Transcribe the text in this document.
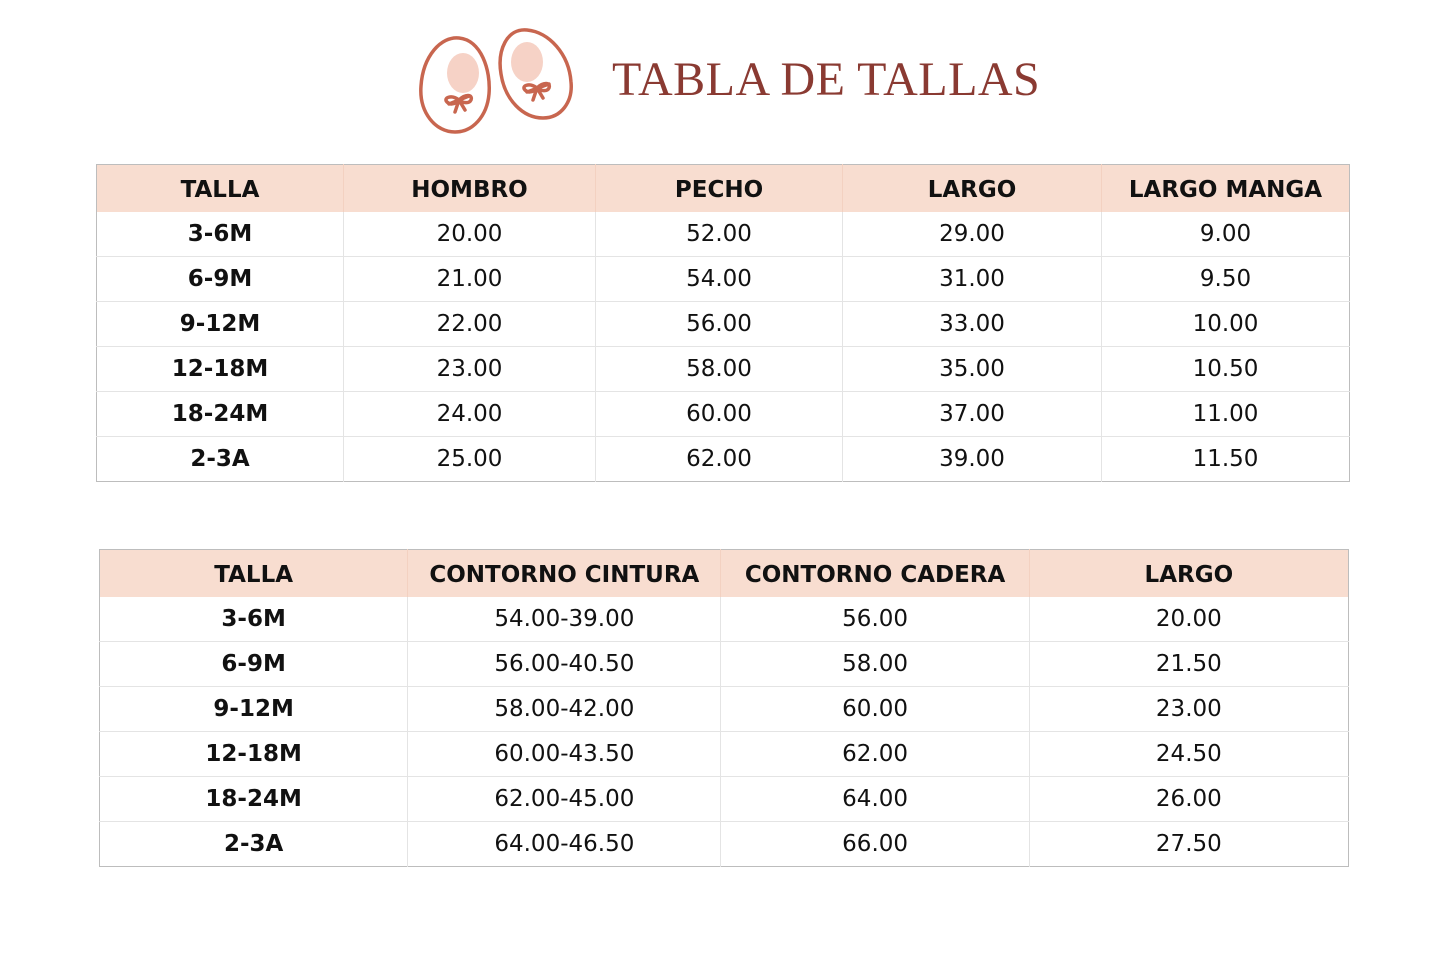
TABLA DE TALLAS
TALLA	HOMBRO	PECHO	LARGO	LARGO MANGA
3-6M	20.00	52.00	29.00	9.00
6-9M	21.00	54.00	31.00	9.50
9-12M	22.00	56.00	33.00	10.00
12-18M	23.00	58.00	35.00	10.50
18-24M	24.00	60.00	37.00	11.00
2-3A	25.00	62.00	39.00	11.50
TALLA	CONTORNO CINTURA	CONTORNO CADERA	LARGO
3-6M	54.00-39.00	56.00	20.00
6-9M	56.00-40.50	58.00	21.50
9-12M	58.00-42.00	60.00	23.00
12-18M	60.00-43.50	62.00	24.50
18-24M	62.00-45.00	64.00	26.00
2-3A	64.00-46.50	66.00	27.50
